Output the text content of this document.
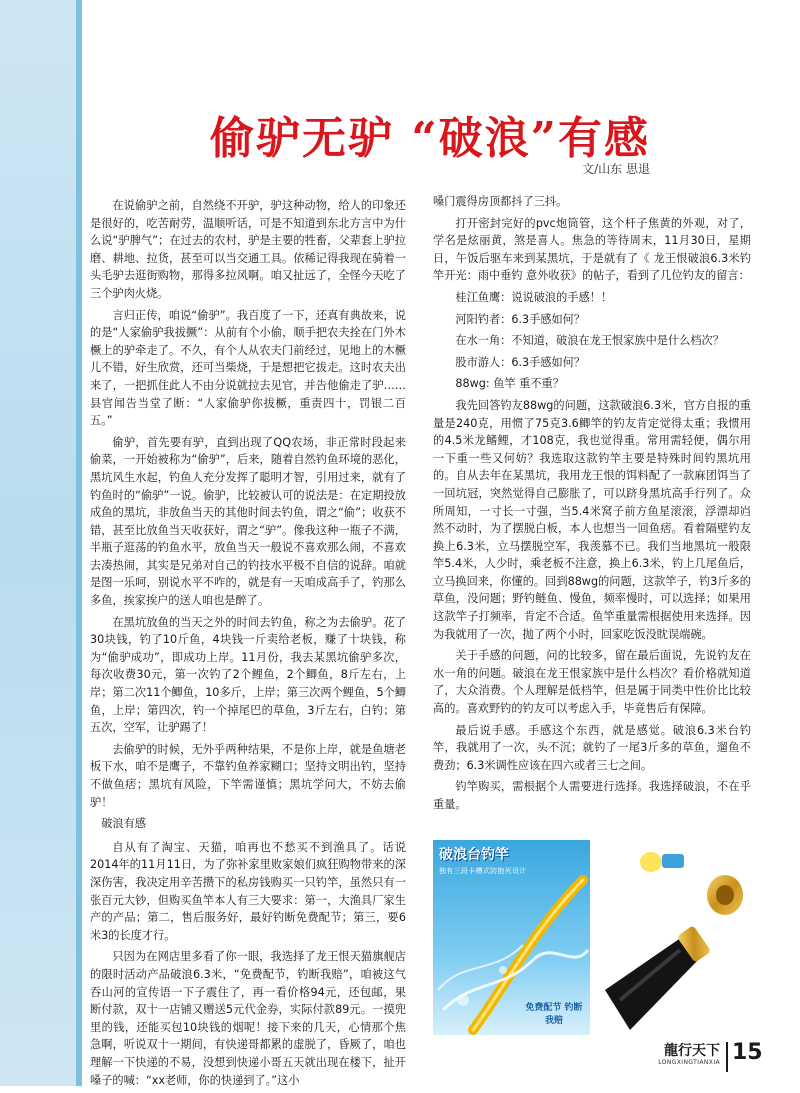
偷驴无驴 “破浪”有感
文/山东 思退

在说偷驴之前，自然绕不开驴，驴这种动物，给人的印象还是很好的，吃苦耐劳，温顺听话，可是不知道到东北方言中为什么说“驴脾气”；在过去的农村，驴是主要的牲畜，父辈套上驴拉磨、耕地、拉货，甚至可以当交通工具。依稀记得我现在骑着一头毛驴去逛街购物，那得多拉风啊。咱又扯远了，全怪今天吃了三个驴肉火烧。

言归正传，咱说“偷驴”。我百度了一下，还真有典故来，说的是“人家偷驴我拔撅”：从前有个小偷，顺手把农夫拴在门外木橛上的驴牵走了。不久，有个人从农夫门前经过，见地上的木橛儿不错，好生欣赏，还可当柴烧，于是想把它拔走。这时农夫出来了，一把抓住此人不由分说就拉去见官，并告他偷走了驴……县官闻告当堂了断：“人家偷驴你拔橛，重责四十，罚银二百五。”

偷驴，首先要有驴，直到出现了QQ农场，非正常时段起来偷菜，一开始被称为“偷驴”，后来，随着自然钓鱼环境的恶化，黑坑风生水起，钓鱼人充分发挥了聪明才智，引用过来，就有了钓鱼时的“偷驴”一说。偷驴，比较被认可的说法是：在定期投放成鱼的黑坑，非放鱼当天的其他时间去钓鱼，谓之“偷”；收获不错，甚至比放鱼当天收获好，谓之“驴”。像我这种一瓶子不满，半瓶子逛荡的钓鱼水平，放鱼当天一般说不喜欢那么闹，不喜欢去凑热闹，其实是兄弟对自己的钓技水平极不自信的说辞。咱就是图一乐呵，别说水平不咋的，就是有一天咱成高手了，钓那么多鱼，挨家挨户的送人咱也是醉了。

在黑坑放鱼的当天之外的时间去钓鱼，称之为去偷驴。花了30块钱，钓了10斤鱼，4块钱一斤卖给老板，赚了十块钱，称为“偷驴成功”，即成功上岸。11月份，我去某黑坑偷驴多次，每次收费30元，第一次钓了2个鲤鱼，2个鲫鱼，8斤左右，上岸；第二次11个鲫鱼，10多斤，上岸；第三次两个鲤鱼，5个鲫鱼，上岸；第四次，钓一个掉尾巴的草鱼，3斤左右，白钓；第五次，空军，让驴踢了！

去偷驴的时候，无外乎两种结果，不是你上岸，就是鱼塘老板下水，咱不是鹰子，不靠钓鱼养家糊口；坚持文明出钓，坚持不做鱼痞；黑坑有风险，下竿需谨慎；黑坑学问大，不妨去偷驴！

破浪有感

自从有了淘宝、天猫，咱再也不愁买不到渔具了。话说2014年的11月11日，为了弥补家里败家娘们疯狂购物带来的深深伤害，我决定用辛苦攒下的私房钱购买一只钓竿，虽然只有一张百元大钞，但购买鱼竿本人有三大要求：第一，大渔具厂家生产的产品；第二，售后服务好，最好钓断免费配节；第三，要6米3的长度才行。

只因为在网店里多看了你一眼，我选择了龙王恨天猫旗舰店的限时活动产品破浪6.3米，“免费配节，钓断我赔”，咱被这气吞山河的宣传语一下子震住了，再一看价格94元，还包邮，果断付款，双十一店铺又赠送5元代金券，实际付款89元。一摸兜里的钱，还能买包10块钱的烟呢！接下来的几天，心情那个焦急啊，听说双十一期间，有快递哥都累的虚脱了，昏厥了，咱也理解一下快递的不易，没想到快递小哥五天就出现在楼下，扯开嗓子的喊：“xx老师，你的快递到了。”这小

嗓门震得房顶都抖了三抖。

打开密封完好的pvc炮筒管，这个杆子焦黄的外观，对了，学名是炫丽黄，煞是喜人。焦急的等待周末，11月30日，星期日，午饭后驱车来到某黑坑，于是就有了《 龙王恨破浪6.3米钓竿开光：雨中垂钓 意外收获》的帖子，看到了几位钓友的留言：

桂江鱼鹰：说说破浪的手感！！

河阳钓者：6.3手感如何？

在水一角：不知道，破浪在龙王恨家族中是什么档次？

股市游人：6.3手感如何？

88wg: 鱼竿 重不重？

我先回答钓友88wg的问题，这款破浪6.3米，官方自报的重量是240克，用惯了75克3.6鲫竿的钓友肯定觉得太重；我惯用的4.5米龙鳍鲤，才108克，我也觉得重。常用需轻便，偶尔用一下重一些又何妨？我选取这款钓竿主要是特殊时间钓黑坑用的。自从去年在某黑坑，我用龙王恨的饵料配了一款麻团饵当了一回坑冠，突然觉得自己膨胀了，可以跻身黑坑高手行列了。众所周知，一寸长一寸强，当5.4米窝子前方鱼星滚滚，浮漂却岿然不动时，为了摆脱白板，本人也想当一回鱼痞。看着隔壁钓友换上6.3米，立马摆脱空军，我羡慕不已。我们当地黑坑一般限竿5.4米，人少时，乘老板不注意，换上6.3米，钓上几尾鱼后，立马换回来，你懂的。回到88wg的问题，这款竿子，钓3斤多的草鱼，没问题；野钓鲢鱼、慢鱼，频率慢时，可以选择；如果用这款竿子打频率，肯定不合适。鱼竿重量需根据使用来选择。因为我就用了一次，抛了两个小时，回家吃饭没眈误端碗。

关于手感的问题，问的比较多，留在最后面说，先说钓友在水一角的问题。破浪在龙王恨家族中是什么档次？看价格就知道了，大众消费。个人理解是低档竿，但是属于同类中性价比比较高的。喜欢野钓的钓友可以考虑入手，毕竟售后有保障。

最后说手感。手感这个东西，就是感觉。破浪6.3米台钓竿，我就用了一次，头不沉；就钓了一尾3斤多的草鱼，遛鱼不费劲；6.3米调性应该在四六或者三七之间。

钓竿购买，需根据个人需要进行选择。我选择破浪，不在乎重量。

破浪台钓竿
独有三段卡槽式防抱死设计
免费配节 钓断我赔
龍行天下
LONGXINGTIANXIA 15
